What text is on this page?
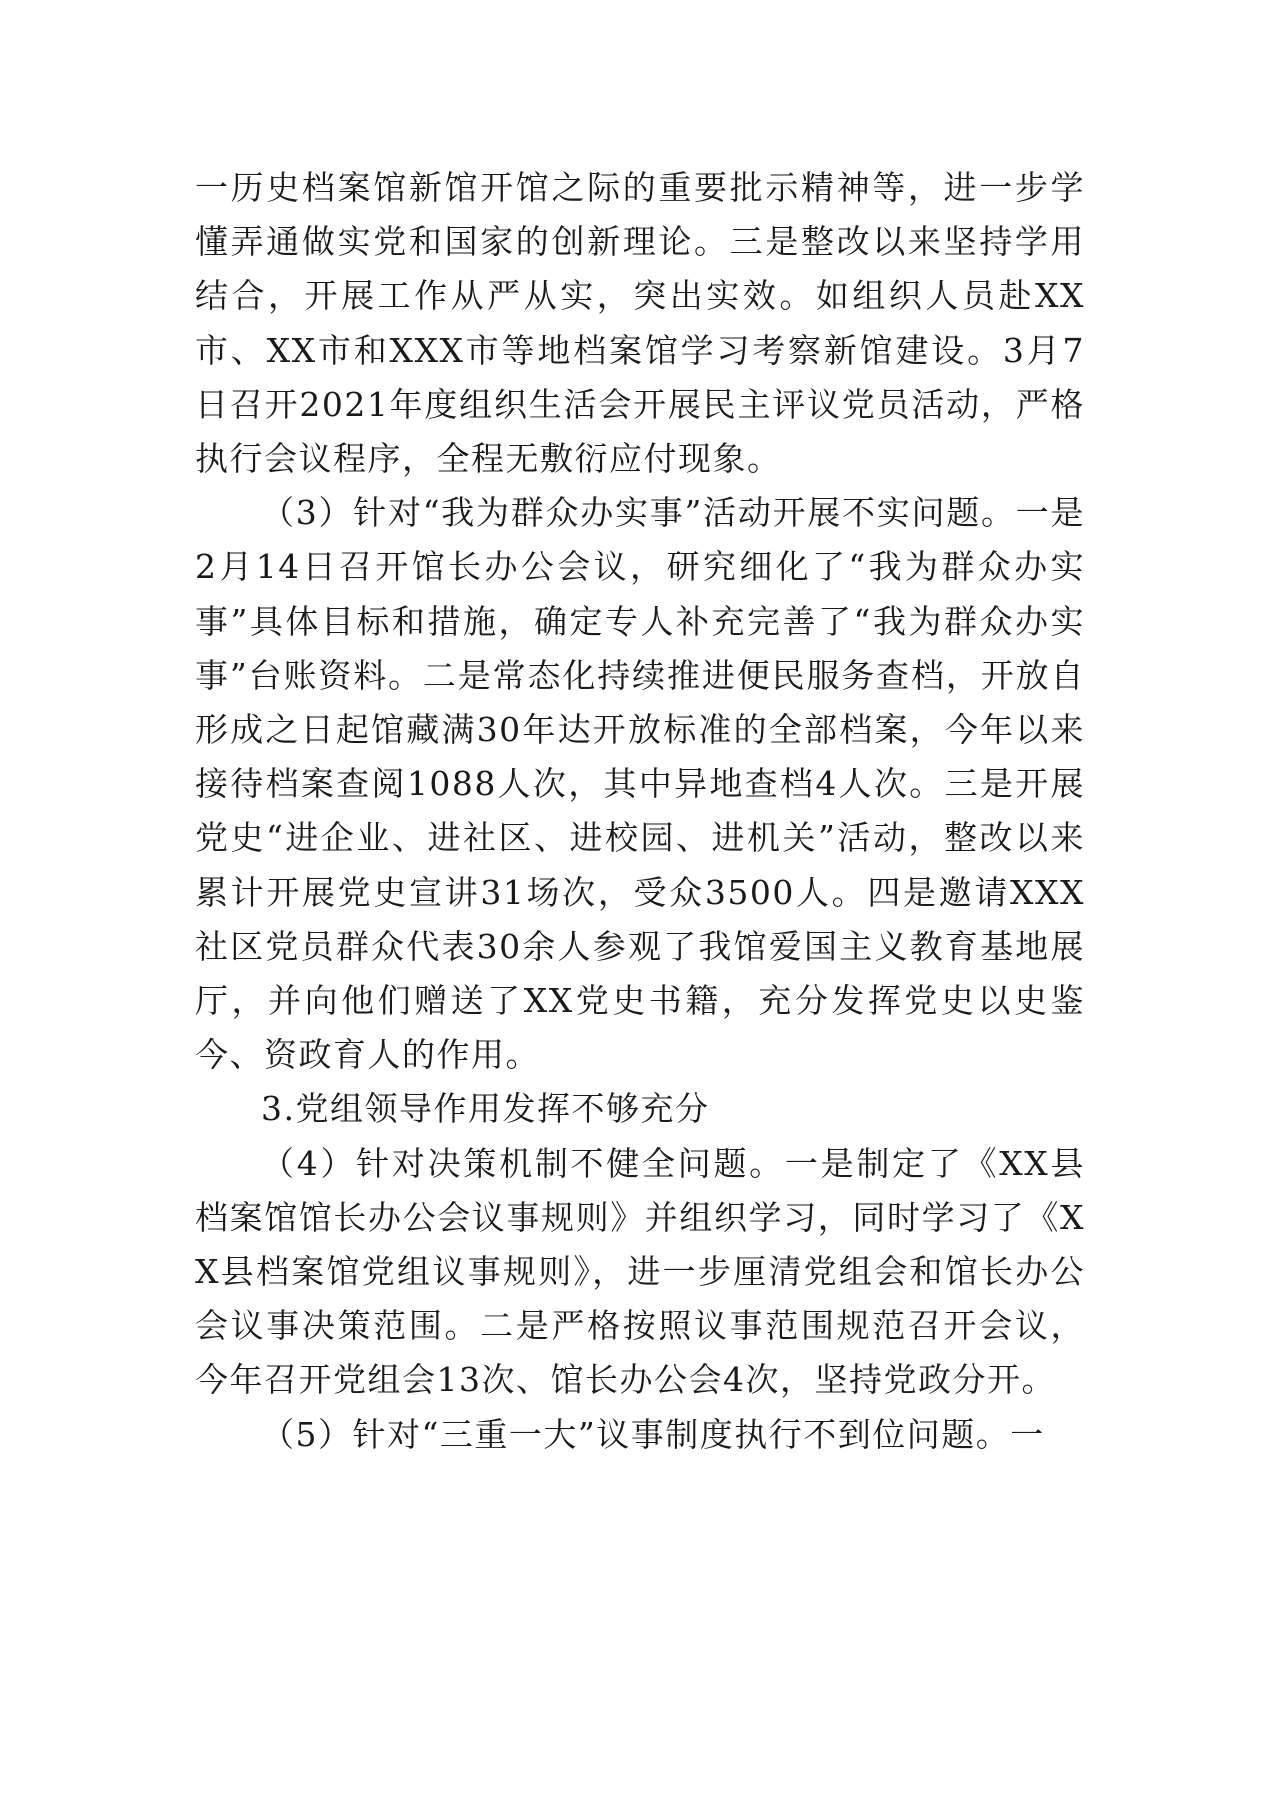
一历史档案馆新馆开馆之际的重要批示精神等，进一步学懂弄通做实党和国家的创新理论。三是整改以来坚持学用结合，开展工作从严从实，突出实效。如组织人员赴XX市、XX市和XXX市等地档案馆学习考察新馆建设。3月7日召开2021年度组织生活会开展民主评议党员活动，严格执行会议程序，全程无敷衍应付现象。

（3）针对“我为群众办实事”活动开展不实问题。一是2月14日召开馆长办公会议，研究细化了“我为群众办实事”具体目标和措施，确定专人补充完善了“我为群众办实事”台账资料。二是常态化持续推进便民服务查档，开放自形成之日起馆藏满30年达开放标准的全部档案，今年以来接待档案查阅1088人次，其中异地查档4人次。三是开展党史“进企业、进社区、进校园、进机关”活动，整改以来累计开展党史宣讲31场次，受众3500人。四是邀请XXX社区党员群众代表30余人参观了我馆爱国主义教育基地展厅，并向他们赠送了XX党史书籍，充分发挥党史以史鉴今、资政育人的作用。

3.党组领导作用发挥不够充分

（4）针对决策机制不健全问题。一是制定了《XX县档案馆馆长办公会议事规则》并组织学习，同时学习了《XX县档案馆党组议事规则》，进一步厘清党组会和馆长办公会议事决策范围。二是严格按照议事范围规范召开会议，今年召开党组会13次、馆长办公会4次，坚持党政分开。

（5）针对“三重一大”议事制度执行不到位问题。一
